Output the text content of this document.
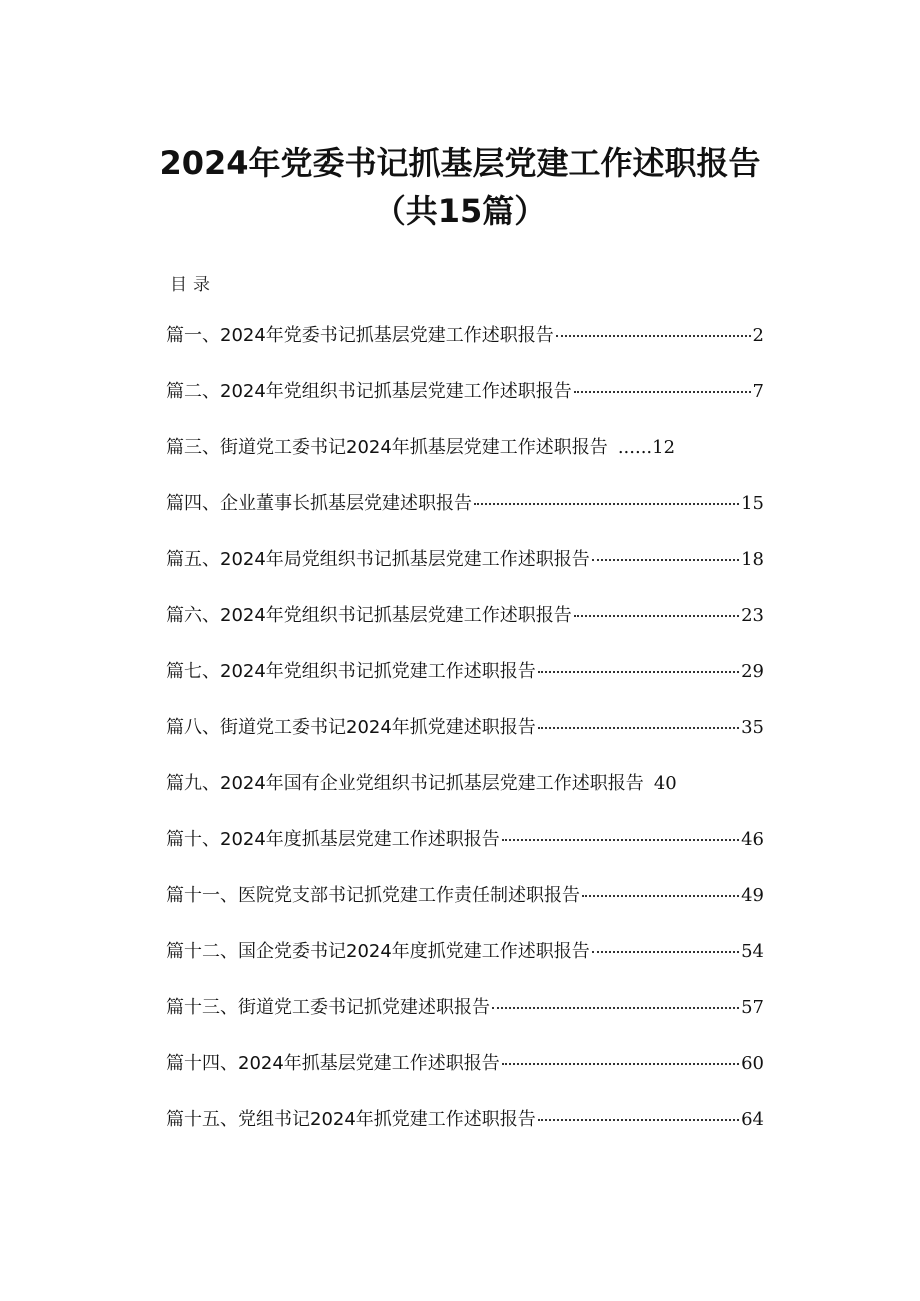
2024年党委书记抓基层党建工作述职报告
（共15篇）
目录
篇一、 2024年党委书记抓基层党建工作述职报告	2
篇二、 2024年党组织书记抓基层党建工作述职报告	7
篇三、 街道党工委书记2024年抓基层党建工作述职报告 ......12
篇四、 企业董事长抓基层党建述职报告	15
篇五、 2024年局党组织书记抓基层党建工作述职报告	18
篇六、 2024年党组织书记抓基层党建工作述职报告	23
篇七、 2024年党组织书记抓党建工作述职报告	29
篇八、 街道党工委书记2024年抓党建述职报告	35
篇九、 2024年国有企业党组织书记抓基层党建工作述职报告 40
篇十、 2024年度抓基层党建工作述职报告	46
篇十一、 医院党支部书记抓党建工作责任制述职报告	49
篇十二、 国企党委书记2024年度抓党建工作述职报告	54
篇十三、 街道党工委书记抓党建述职报告	57
篇十四、 2024年抓基层党建工作述职报告	60
篇十五、 党组书记2024年抓党建工作述职报告	64
